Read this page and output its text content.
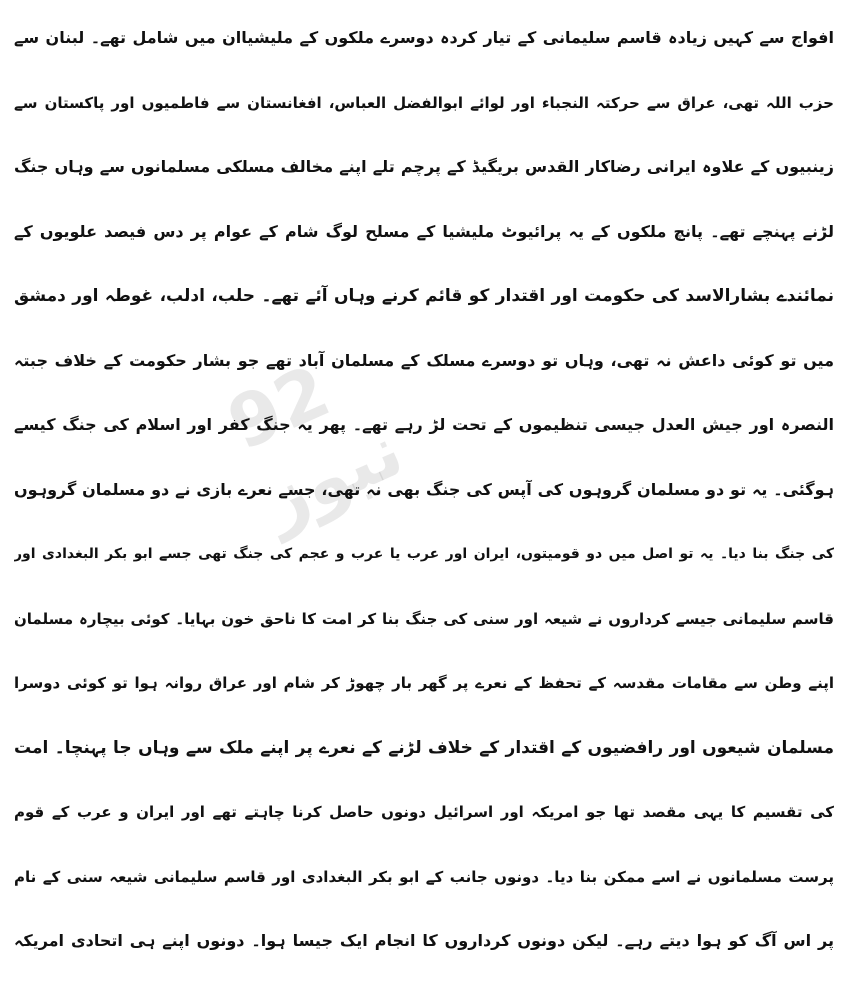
92 نیوز
افواج سے کہیں زیادہ قاسم سلیمانی کے تیار کردہ دوسرے ملکوں کے ملیشیاان میں شامل تھے۔ لبنان سے
حزب اللہ تھی، عراق سے حرکتہ النجباء اور لوائے ابوالفضل العباس، افغانستان سے فاطمیوں اور پاکستان سے
زینبیوں کے علاوہ ایرانی رضاکار القدس بریگیڈ کے پرچم تلے اپنے مخالف مسلکی مسلمانوں سے وہاں جنگ
لڑنے پہنچے تھے۔ پانچ ملکوں کے یہ پرائیوٹ ملیشیا کے مسلح لوگ شام کے عوام پر دس فیصد علویوں کے
نمائندے بشارالاسد کی حکومت اور اقتدار کو قائم کرنے وہاں آئے تھے۔ حلب، ادلب، غوطہ اور دمشق
میں تو کوئی داعش نہ تھی، وہاں تو دوسرے مسلک کے مسلمان آباد تھے جو بشار حکومت کے خلاف جبتہ
النصرہ اور جیش العدل جیسی تنظیموں کے تحت لڑ رہے تھے۔ پھر یہ جنگ کفر اور اسلام کی جنگ کیسے
ہوگئی۔ یہ تو دو مسلمان گروہوں کی آپس کی جنگ بھی نہ تھی، جسے نعرے بازی نے دو مسلمان گروہوں
کی جنگ بنا دیا۔ یہ تو اصل میں دو قومیتوں، ایران اور عرب یا عرب و عجم کی جنگ تھی جسے ابو بکر البغدادی اور
قاسم سلیمانی جیسے کرداروں نے شیعہ اور سنی کی جنگ بنا کر امت کا ناحق خون بہایا۔ کوئی بیچارہ مسلمان
اپنے وطن سے مقامات مقدسہ کے تحفظ کے نعرے پر گھر بار چھوڑ کر شام اور عراق روانہ ہوا تو کوئی دوسرا
مسلمان شیعوں اور رافضیوں کے اقتدار کے خلاف لڑنے کے نعرے پر اپنے ملک سے وہاں جا پہنچا۔ امت
کی تقسیم کا یہی مقصد تھا جو امریکہ اور اسرائیل دونوں حاصل کرنا چاہتے تھے اور ایران و عرب کے قوم
پرست مسلمانوں نے اسے ممکن بنا دیا۔ دونوں جانب کے ابو بکر البغدادی اور قاسم سلیمانی شیعہ سنی کے نام
پر اس آگ کو ہوا دیتے رہے۔ لیکن دونوں کرداروں کا انجام ایک جیسا ہوا۔ دونوں اپنے ہی اتحادی امریکہ
